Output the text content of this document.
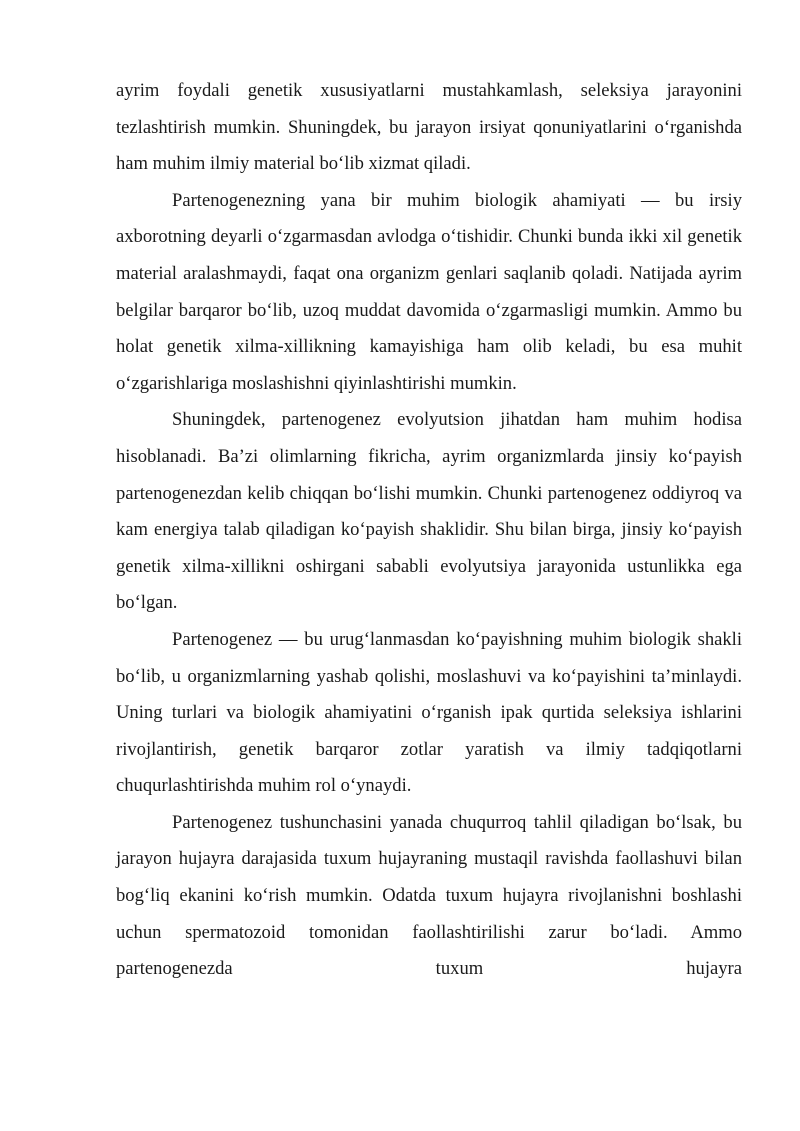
ayrim foydali genetik xususiyatlarni mustahkamlash, seleksiya jarayonini tezlashtirish mumkin. Shuningdek, bu jarayon irsiyat qonuniyatlarini o‘rganishda ham muhim ilmiy material bo‘lib xizmat qiladi.

Partenogenezning yana bir muhim biologik ahamiyati — bu irsiy axborotning deyarli o‘zgarmasdan avlodga o‘tishidir. Chunki bunda ikki xil genetik material aralashmaydi, faqat ona organizm genlari saqlanib qoladi. Natijada ayrim belgilar barqaror bo‘lib, uzoq muddat davomida o‘zgarmasligi mumkin. Ammo bu holat genetik xilma-xillikning kamayishiga ham olib keladi, bu esa muhit o‘zgarishlariga moslashishni qiyinlashtirishi mumkin.

Shuningdek, partenogenez evolyutsion jihatdan ham muhim hodisa hisoblanadi. Ba’zi olimlarning fikricha, ayrim organizmlarda jinsiy ko‘payish partenogenezdan kelib chiqqan bo‘lishi mumkin. Chunki partenogenez oddiyroq va kam energiya talab qiladigan ko‘payish shaklidir. Shu bilan birga, jinsiy ko‘payish genetik xilma-xillikni oshirgani sababli evolyutsiya jarayonida ustunlikka ega bo‘lgan.

Partenogenez — bu urug‘lanmasdan ko‘payishning muhim biologik shakli bo‘lib, u organizmlarning yashab qolishi, moslashuvi va ko‘payishini ta’minlaydi. Uning turlari va biologik ahamiyatini o‘rganish ipak qurtida seleksiya ishlarini rivojlantirish, genetik barqaror zotlar yaratish va ilmiy tadqiqotlarni chuqurlashtirishda muhim rol o‘ynaydi.

Partenogenez tushunchasini yanada chuqurroq tahlil qiladigan bo‘lsak, bu jarayon hujayra darajasida tuxum hujayraning mustaqil ravishda faollashuvi bilan bog‘liq ekanini ko‘rish mumkin. Odatda tuxum hujayra rivojlanishni boshlashi uchun spermatozoid tomonidan faollashtirilishi zarur bo‘ladi. Ammo partenogenezda tuxum hujayra
